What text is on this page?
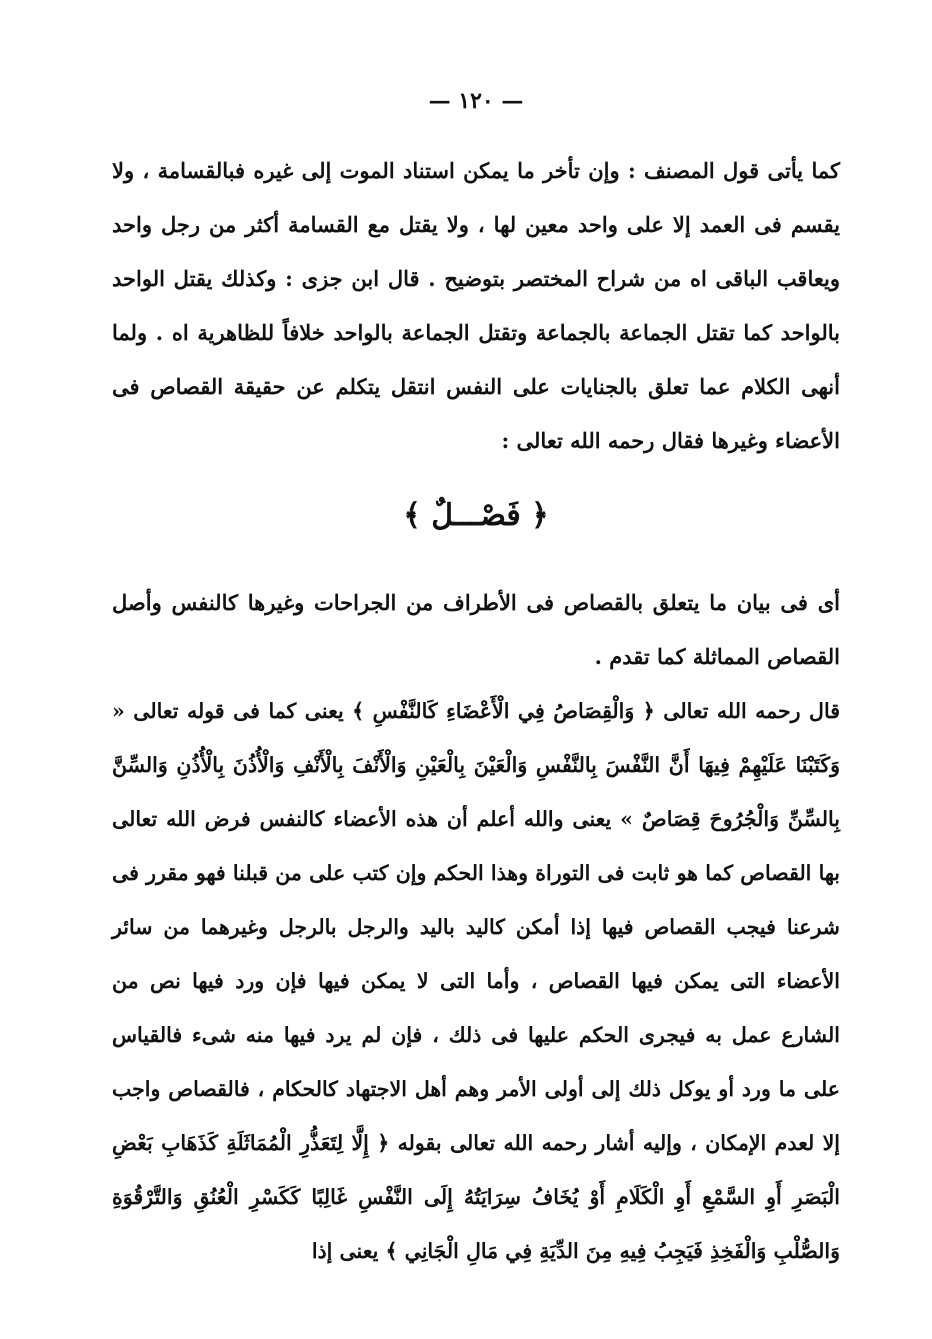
— ١٢٠ —

كما يأتى قول المصنف : وإن تأخر ما يمكن استناد الموت إلى غيره فبالقسامة ، ولا يقسم فى العمد إلا على واحد معين لها ، ولا يقتل مع القسامة أكثر من رجل واحد ويعاقب الباقى اه من شراح المختصر بتوضيح . قال ابن جزى : وكذلك يقتل الواحد بالواحد كما تقتل الجماعة بالجماعة وتقتل الجماعة بالواحد خلافاً للظاهرية اه . ولما أنهى الكلام عما تعلق بالجنايات على النفس انتقل يتكلم عن حقيقة القصاص فى الأعضاء وغيرها فقال رحمه الله تعالى :

﴿ فَصْـــلٌ ﴾

أى فى بيان ما يتعلق بالقصاص فى الأطراف من الجراحات وغيرها كالنفس وأصل القصاص المماثلة كما تقدم .

قال رحمه الله تعالى ﴿ وَالْقِصَاصُ فِي الْأَعْضَاءِ كَالنَّفْسِ ﴾ يعنى كما فى قوله تعالى « وَكَتَبْنَا عَلَيْهِمْ فِيهَا أَنَّ النَّفْسَ بِالنَّفْسِ وَالْعَيْنَ بِالْعَيْنِ وَالْأَنْفَ بِالْأَنْفِ وَالْأُذُنَ بِالْأُذُنِ وَالسِّنَّ بِالسِّنِّ وَالْجُرُوحَ قِصَاصٌ » يعنى والله أعلم أن هذه الأعضاء كالنفس فرض الله تعالى بها القصاص كما هو ثابت فى التوراة وهذا الحكم وإن كتب على من قبلنا فهو مقرر فى شرعنا فيجب القصاص فيها إذا أمكن كاليد باليد والرجل بالرجل وغيرهما من سائر الأعضاء التى يمكن فيها القصاص ، وأما التى لا يمكن فيها فإن ورد فيها نص من الشارع عمل به فيجرى الحكم عليها فى ذلك ، فإن لم يرد فيها منه شىء فالقياس على ما ورد أو يوكل ذلك إلى أولى الأمر وهم أهل الاجتهاد كالحكام ، فالقصاص واجب إلا لعدم الإمكان ، وإليه أشار رحمه الله تعالى بقوله ﴿ إِلَّا لِتَعَذُّرِ الْمُمَاثَلَةِ كَذَهَابِ بَعْضِ الْبَصَرِ أَوِ السَّمْعِ أَوِ الْكَلَامِ أَوْ يُخَافُ سِرَايَتُهُ إِلَى النَّفْسِ غَالِبًا كَكَسْرِ الْعُنُقِ وَالتَّرْقُوَةِ وَالصُّلْبِ وَالْفَخِذِ فَيَجِبُ فِيهِ مِنَ الدِّيَةِ فِي مَالِ الْجَانِي ﴾ يعنى إذا
